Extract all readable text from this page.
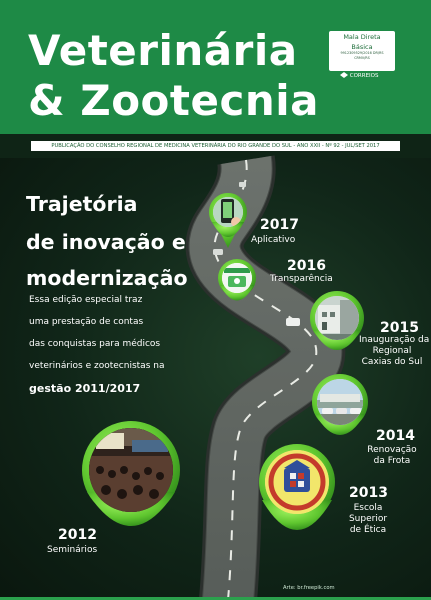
Veterinária
& Zootecnia
Mala Direta
Básica
9912309529/2016 DR/RS
CRMV/RS
CORREIOS
PUBLICAÇÃO DO CONSELHO REGIONAL DE MEDICINA VETERINÁRIA DO RIO GRANDE DO SUL - ANO XXII - Nº 92 - JUL/SET 2017
Trajetória
de inovação e
modernização
Essa edição especial traz
uma prestação de contas
das conquistas para médicos
veterinários e zootecnistas na
gestão 2011/2017
2017
Aplicativo
2016
Transparência
2015
Inauguração da
Regional
Caxias do Sul
2014
Renovação
da Frota
2013
Escola
Superior
de Ética
2012
Seminários
Arte: br.freepik.com
